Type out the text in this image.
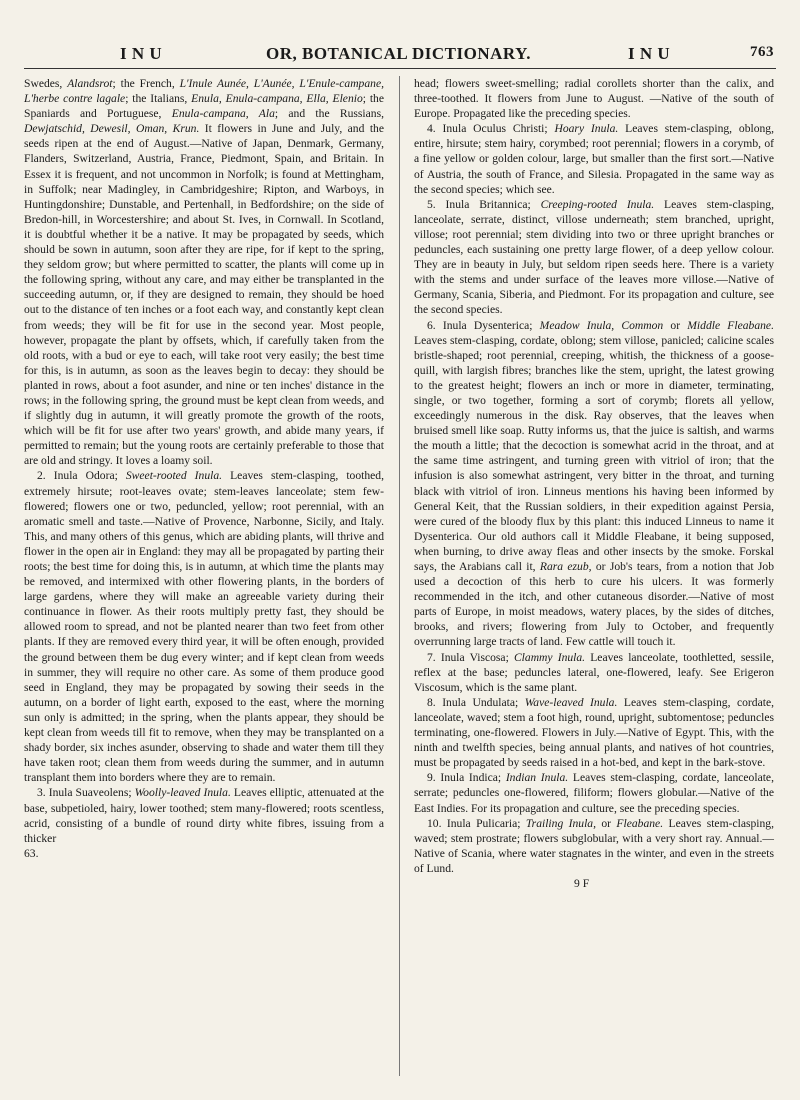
I N U	OR, BOTANICAL DICTIONARY.	I N U	763

Swedes, Alandsrot; the French, L'Inule Aunée, L'Aunée, L'Enule-campane, L'herbe contre lagale; the Italians, Enula, Enula-campana, Ella, Elenio; the Spaniards and Portuguese, Enula-campana, Ala; and the Russians, Dewjatschid, Dewesil, Oman, Krun. It flowers in June and July, and the seeds ripen at the end of August.—Native of Japan, Denmark, Germany, Flanders, Switzerland, Austria, France, Piedmont, Spain, and Britain. In Essex it is frequent, and not uncommon in Norfolk; is found at Mettingham, in Suffolk; near Madingley, in Cambridgeshire; Ripton, and Warboys, in Huntingdonshire; Dunstable, and Pertenhall, in Bedfordshire; on the side of Bredon-hill, in Worcestershire; and about St. Ives, in Cornwall. In Scotland, it is doubtful whether it be a native. It may be propagated by seeds, which should be sown in autumn, soon after they are ripe, for if kept to the spring, they seldom grow; but where permitted to scatter, the plants will come up in the following spring, without any care, and may either be transplanted in the succeeding autumn, or, if they are designed to remain, they should be hoed out to the distance of ten inches or a foot each way, and constantly kept clean from weeds; they will be fit for use in the second year. Most people, however, propagate the plant by offsets, which, if carefully taken from the old roots, with a bud or eye to each, will take root very easily; the best time for this, is in autumn, as soon as the leaves begin to decay: they should be planted in rows, about a foot asunder, and nine or ten inches' distance in the rows; in the following spring, the ground must be kept clean from weeds, and if slightly dug in autumn, it will greatly promote the growth of the roots, which will be fit for use after two years' growth, and abide many years, if permitted to remain; but the young roots are certainly preferable to those that are old and stringy. It loves a loamy soil.

2. Inula Odora; Sweet-rooted Inula. Leaves stem-clasping, toothed, extremely hirsute; root-leaves ovate; stem-leaves lanceolate; stem few-flowered; flowers one or two, peduncled, yellow; root perennial, with an aromatic smell and taste.—Native of Provence, Narbonne, Sicily, and Italy. This, and many others of this genus, which are abiding plants, will thrive and flower in the open air in England: they may all be propagated by parting their roots; the best time for doing this, is in autumn, at which time the plants may be removed, and intermixed with other flowering plants, in the borders of large gardens, where they will make an agreeable variety during their continuance in flower. As their roots multiply pretty fast, they should be allowed room to spread, and not be planted nearer than two feet from other plants. If they are removed every third year, it will be often enough, provided the ground between them be dug every winter; and if kept clean from weeds in summer, they will require no other care. As some of them produce good seed in England, they may be propagated by sowing their seeds in the autumn, on a border of light earth, exposed to the east, where the morning sun only is admitted; in the spring, when the plants appear, they should be kept clean from weeds till fit to remove, when they may be transplanted on a shady border, six inches asunder, observing to shade and water them till they have taken root; clean them from weeds during the summer, and in autumn transplant them into borders where they are to remain.

3. Inula Suaveolens; Woolly-leaved Inula. Leaves elliptic, attenuated at the base, subpetioled, hairy, lower toothed; stem many-flowered; roots scentless, acrid, consisting of a bundle of round dirty white fibres, issuing from a thicker

63.

head; flowers sweet-smelling; radial corollets shorter than the calix, and three-toothed. It flowers from June to August. —Native of the south of Europe. Propagated like the preceding species.

4. Inula Oculus Christi; Hoary Inula. Leaves stem-clasping, oblong, entire, hirsute; stem hairy, corymbed; root perennial; flowers in a corymb, of a fine yellow or golden colour, large, but smaller than the first sort.—Native of Austria, the south of France, and Silesia. Propagated in the same way as the second species; which see.

5. Inula Britannica; Creeping-rooted Inula. Leaves stem-clasping, lanceolate, serrate, distinct, villose underneath; stem branched, upright, villose; root perennial; stem dividing into two or three upright branches or peduncles, each sustaining one pretty large flower, of a deep yellow colour. They are in beauty in July, but seldom ripen seeds here. There is a variety with the stems and under surface of the leaves more villose.—Native of Germany, Scania, Siberia, and Piedmont. For its propagation and culture, see the second species.

6. Inula Dysenterica; Meadow Inula, Common or Middle Fleabane. Leaves stem-clasping, cordate, oblong; stem villose, panicled; calicine scales bristle-shaped; root perennial, creeping, whitish, the thickness of a goose-quill, with largish fibres; branches like the stem, upright, the latest growing to the greatest height; flowers an inch or more in diameter, terminating, single, or two together, forming a sort of corymb; florets all yellow, exceedingly numerous in the disk. Ray observes, that the leaves when bruised smell like soap. Rutty informs us, that the juice is saltish, and warms the mouth a little; that the decoction is somewhat acrid in the throat, and at the same time astringent, and turning green with vitriol of iron; that the infusion is also somewhat astringent, very bitter in the throat, and turning black with vitriol of iron. Linneus mentions his having been informed by General Keit, that the Russian soldiers, in their expedition against Persia, were cured of the bloody flux by this plant: this induced Linneus to name it Dysenterica. Our old authors call it Middle Fleabane, it being supposed, when burning, to drive away fleas and other insects by the smoke. Forskal says, the Arabians call it, Rara ezub, or Job's tears, from a notion that Job used a decoction of this herb to cure his ulcers. It was formerly recommended in the itch, and other cutaneous disorder.—Native of most parts of Europe, in moist meadows, watery places, by the sides of ditches, brooks, and rivers; flowering from July to October, and frequently overrunning large tracts of land. Few cattle will touch it.

7. Inula Viscosa; Clammy Inula. Leaves lanceolate, toothletted, sessile, reflex at the base; peduncles lateral, one-flowered, leafy. See Erigeron Viscosum, which is the same plant.

8. Inula Undulata; Wave-leaved Inula. Leaves stem-clasping, cordate, lanceolate, waved; stem a foot high, round, upright, subtomentose; peduncles terminating, one-flowered. Flowers in July.—Native of Egypt. This, with the ninth and twelfth species, being annual plants, and natives of hot countries, must be propagated by seeds raised in a hot-bed, and kept in the bark-stove.

9. Inula Indica; Indian Inula. Leaves stem-clasping, cordate, lanceolate, serrate; peduncles one-flowered, filiform; flowers globular.—Native of the East Indies. For its propagation and culture, see the preceding species.

10. Inula Pulicaria; Trailing Inula, or Fleabane. Leaves stem-clasping, waved; stem prostrate; flowers subglobular, with a very short ray. Annual.—Native of Scania, where water stagnates in the winter, and even in the streets of Lund.

9 F
